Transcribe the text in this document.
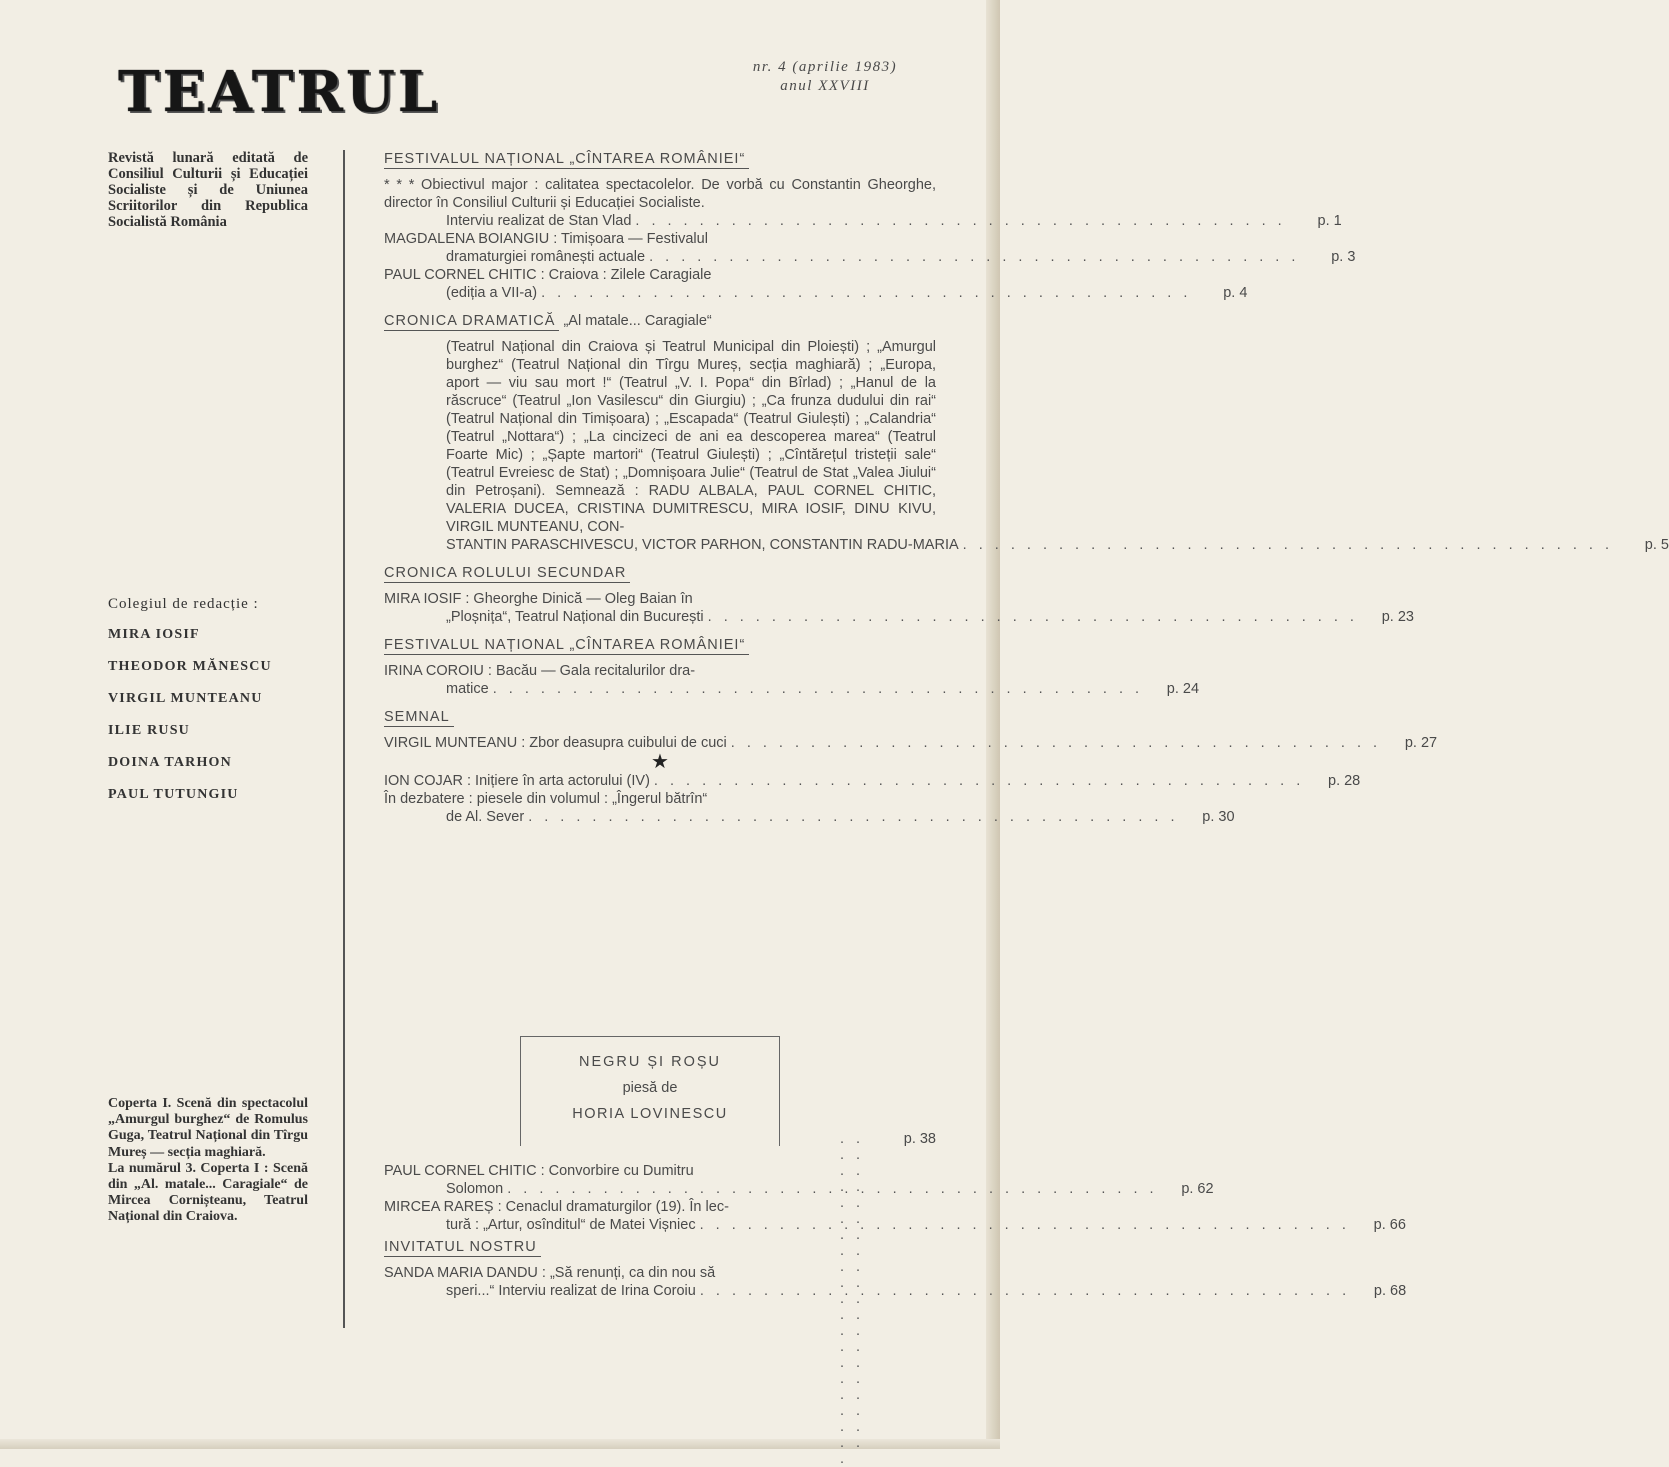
TEATRUL	nr. 4 (aprilie 1983)
anul XXVIII
Revistă lunară editată de Consiliul Culturii și Educației Socialiste și de Uniunea Scriitorilor din Republica Socialistă România
Colegiul de redacție :
MIRA IOSIF
THEODOR MĂNESCU
VIRGIL MUNTEANU
ILIE RUSU
DOINA TARHON
PAUL TUTUNGIU

Coperta I. Scenă din spectacolul „Amurgul burghez“ de Romulus Guga, Teatrul Național din Tîrgu Mureș — secția maghiară.

La numărul 3. Coperta I : Scenă din „Al. matale... Caragiale“ de Mircea Cornișteanu, Teatrul Național din Craiova.

FESTIVALUL NAȚIONAL „CÎNTAREA ROMÂNIEI“
* * * Obiectivul major : calitatea spectacolelor. De vorbă cu Constantin Gheorghe, director în Consiliul Culturii și Educației Socialiste.
Interviu realizat de Stan Vlad . . .	p. 1
MAGDALENA BOIANGIU : Timișoara — Festivalul
dramaturgiei românești actuale . . .	p. 3
PAUL CORNEL CHITIC : Craiova : Zilele Caragiale
(ediția a VII-a) . . .	p. 4
CRONICA DRAMATICĂ „Al matale... Caragiale“
(Teatrul Național din Craiova și Teatrul Municipal din Ploiești) ; „Amurgul burghez“ (Teatrul Național din Tîrgu Mureș, secția maghiară) ; „Europa, aport — viu sau mort !“ (Teatrul „V. I. Popa“ din Bîrlad) ; „Hanul de la răscruce“ (Teatrul „Ion Vasilescu“ din Giurgiu) ; „Ca frunza dudului din rai“ (Teatrul Național din Timișoara) ; „Escapada“ (Teatrul Giulești) ; „Calandria“ (Teatrul „Nottara“) ; „La cincizeci de ani ea descoperea marea“ (Teatrul Foarte Mic) ; „Șapte martori“ (Teatrul Giulești) ; „Cîntărețul tristeții sale“ (Teatrul Evreiesc de Stat) ; „Domnișoara Julie“ (Teatrul de Stat „Valea Jiului“ din Petroșani). Semnează : RADU ALBALA, PAUL CORNEL CHITIC, VALERIA DUCEA, CRISTINA DUMITRESCU, MIRA IOSIF, DINU KIVU, VIRGIL MUNTEANU, CON-
STANTIN PARASCHIVESCU, VICTOR PARHON, CONSTANTIN RADU-MARIA . . .	p. 5
CRONICA ROLULUI SECUNDAR
MIRA IOSIF : Gheorghe Dinică — Oleg Baian în
„Ploșnița“, Teatrul Național din București . . .	p. 23
FESTIVALUL NAȚIONAL „CÎNTAREA ROMÂNIEI“
IRINA COROIU : Bacău — Gala recitalurilor dra-
matice . . .	p. 24
SEMNAL
VIRGIL MUNTEANU : Zbor deasupra cuibului de cuci . . .	p. 27
★
ION COJAR : Inițiere în arta actorului (IV) . . .	p. 28
În dezbatere : piesele din volumul : „Îngerul bătrîn“
de Al. Sever . . .	p. 30
PAUL CORNEL CHITIC : Convorbire cu Dumitru
Solomon . . .	p. 62
MIRCEA RAREȘ : Cenaclul dramaturgilor (19). În lec-
tură : „Artur, osînditul“ de Matei Vișniec . . .	p. 66
INVITATUL NOSTRU
SANDA MARIA DANDU : „Să renunți, ca din nou să
speri...“ Interviu realizat de Irina Coroiu . . .	p. 68
NEGRU ȘI ROȘU
piesă de
HORIA LOVINESCU
. . .
p. 38
